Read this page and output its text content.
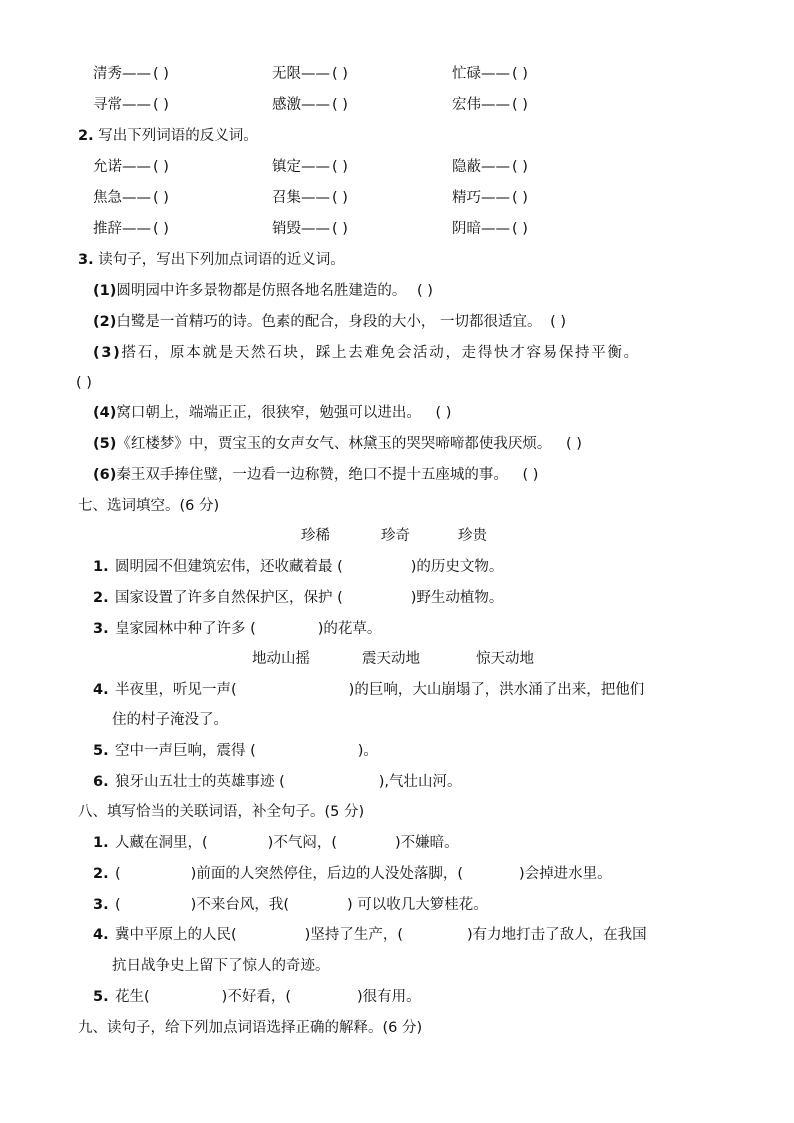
清秀—— ( )	无限—— ( )	忙碌—— ( )
寻常—— ( )	感激—— ( )	宏伟—— ( )
2. 写出下列词语的反义词。
允诺—— ( )	镇定—— ( )	隐蔽—— ( )
焦急—— ( )	召集—— ( )	精巧—— ( )
推辞—— ( )	销毁—— ( )	阴暗—— ( )
3. 读句子，写出下列加点词语的近义词。
(1)圆明园中许多景物都是仿照各地名胜建造的。 ( )
(2)白鹭是一首精巧的诗。色素的配合，身段的大小， 一切都很适宜。 ( )
(3)搭石，原本就是天然石块，踩上去难免会活动，走得快才容易保持平衡。
( )
(4)窝口朝上，端端正正，很狭窄，勉强可以进出。 ( )
(5)《红楼梦》中，贾宝玉的女声女气、林黛玉的哭哭啼啼都使我厌烦。 ( )
(6)秦王双手捧住璧，一边看一边称赞，绝口不提十五座城的事。 ( )
七、选词填空。(6 分)
珍稀	珍奇	珍贵
1. 圆明园不但建筑宏伟，还收藏着最 (	)的历史文物。
2. 国家设置了许多自然保护区，保护 (	)野生动植物。
3. 皇家园林中种了许多 (	)的花草。
地动山摇	震天动地	惊天动地
4. 半夜里，听见一声(	)的巨响，大山崩塌了，洪水涌了出来，把他们
住的村子淹没了。
5. 空中一声巨响，震得 (	)。
6. 狼牙山五壮士的英雄事迹 (	),气壮山河。
八、填写恰当的关联词语，补全句子。(5 分)
1. 人藏在洞里，(	)不气闷，(	)不嫌暗。
2. (	)前面的人突然停住，后边的人没处落脚，(	)会掉进水里。
3. (	)不来台风，我(	) 可以收几大箩桂花。
4. 冀中平原上的人民(	)坚持了生产，(	)有力地打击了敌人，在我国
抗日战争史上留下了惊人的奇迹。
5. 花生(	)不好看，(	)很有用。
九、读句子，给下列加点词语选择正确的解释。(6 分)
